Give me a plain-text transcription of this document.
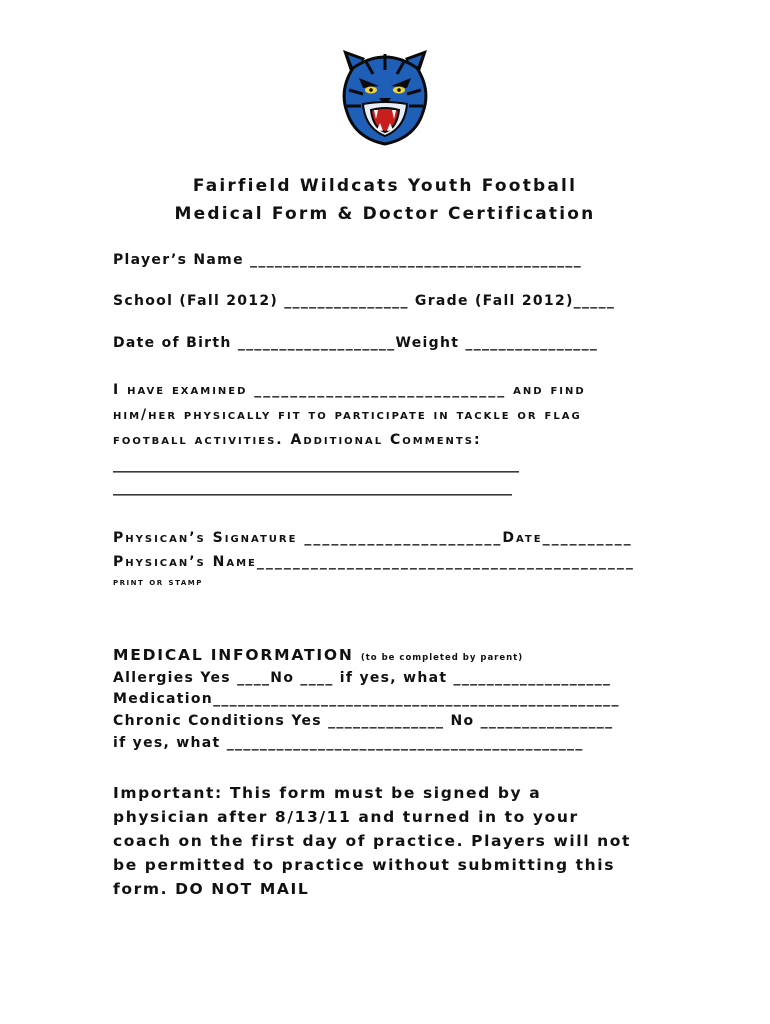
Fairfield Wildcats Youth Football
Medical Form & Doctor Certification
Player’s Name ________________________________________
School (Fall 2012) _______________ Grade (Fall 2012)_____
Date of Birth ___________________Weight ________________
I have examined ____________________________ and find
him/her physically fit to participate in tackle or flag
football activities. Additional Comments:
__________________________________________________________
_________________________________________________________
Physican’s Signature ______________________Date__________
Physican’s Name__________________________________________
print or stamp
MEDICAL INFORMATION (to be completed by parent)
Allergies Yes ____No ____ if yes, what ___________________
Medication_________________________________________________
Chronic Conditions Yes ______________ No ________________
if yes, what ___________________________________________
Important: This form must be signed by a
physician after 8/13/11 and turned in to your
coach on the first day of practice. Players will not
be permitted to practice without submitting this
form. DO NOT MAIL
